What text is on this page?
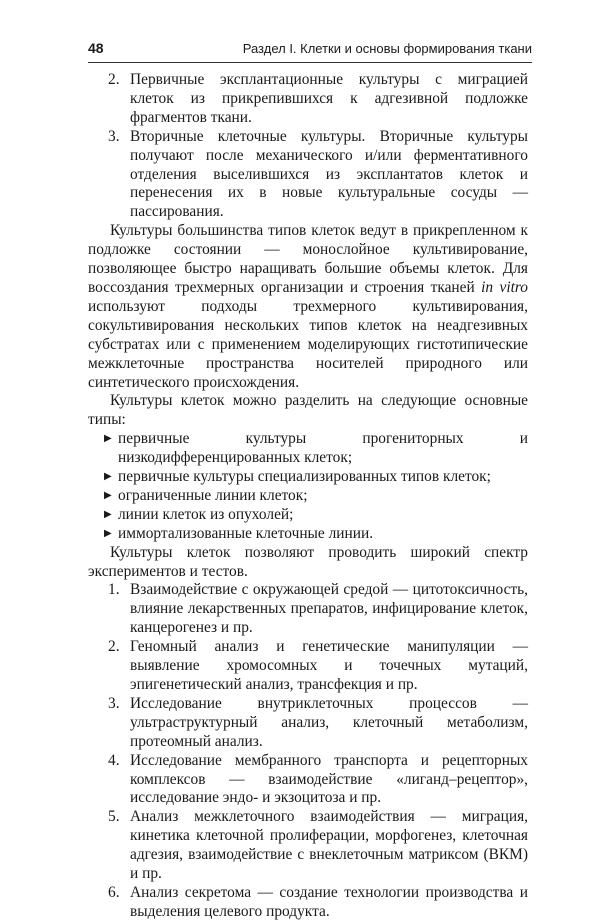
48	Раздел I. Клетки и основы формирования ткани
2. Первичные эксплантационные культуры с миграцией клеток из прикрепившихся к адгезивной подложке фрагментов ткани.
3. Вторичные клеточные культуры. Вторичные культуры получают после механического и/или ферментативного отделения выселившихся из эксплантатов клеток и перенесения их в новые культуральные сосуды — пассирования.

Культуры большинства типов клеток ведут в прикрепленном к подложке состоянии — монослойное культивирование, позволяющее быстро наращивать большие объемы клеток. Для воссоздания трехмерных организации и строения тканей in vitro используют подходы трехмерного культивирования, сокультивирования нескольких типов клеток на неадгезивных субстратах или с применением моделирующих гистотипические межклеточные пространства носителей природного или синтетического происхождения.

Культуры клеток можно разделить на следующие основные типы:

▶ первичные культуры прогениторных и низкодифференцированных клеток;
▶ первичные культуры специализированных типов клеток;
▶ ограниченные линии клеток;
▶ линии клеток из опухолей;
▶ иммортализованные клеточные линии.

Культуры клеток позволяют проводить широкий спектр экспериментов и тестов.

1. Взаимодействие с окружающей средой — цитотоксичность, влияние лекарственных препаратов, инфицирование клеток, канцерогенез и пр.
2. Геномный анализ и генетические манипуляции — выявление хромосомных и точечных мутаций, эпигенетический анализ, трансфекция и пр.
3. Исследование внутриклеточных процессов — ультраструктурный анализ, клеточный метаболизм, протеомный анализ.
4. Исследование мембранного транспорта и рецепторных комплексов — взаимодействие «лиганд–рецептор», исследование эндо- и экзоцитоза и пр.
5. Анализ межклеточного взаимодействия — миграция, кинетика клеточной пролиферации, морфогенез, клеточная адгезия, взаимодействие с внеклеточным матриксом (ВКМ) и пр.
6. Анализ секретома — создание технологии производства и выделения целевого продукта.
